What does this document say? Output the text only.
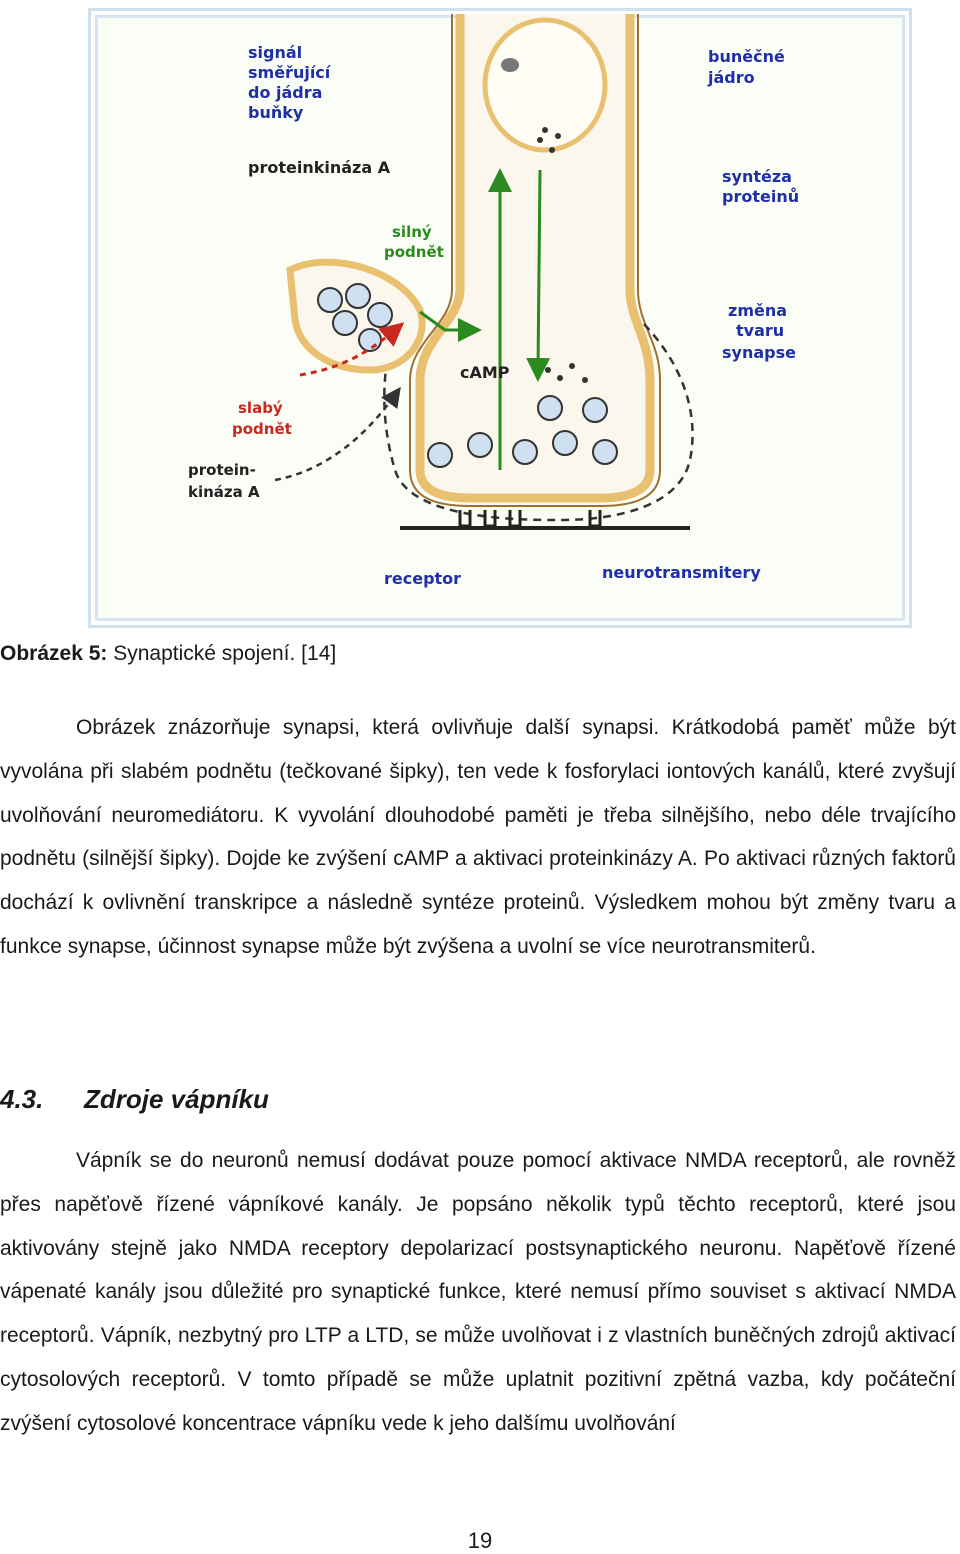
signál
směřující
do jádra
buňky
buněčné
jádro
proteinkináza A	syntéza
proteinů
silný
podnět
změna
tvaru
synapse
cAMP
slabý
podnět
protein-
kináza A
receptor	neurotransmitery
Obrázek 5: Synaptické spojení. [14]
Obrázek znázorňuje synapsi, která ovlivňuje další synapsi. Krátkodobá paměť může být vyvolána při slabém podnětu (tečkované šipky), ten vede k fosforylaci iontových kanálů, které zvyšují uvolňování neuromediátoru. K vyvolání dlouhodobé paměti je třeba silnějšího, nebo déle trvajícího podnětu (silnější šipky). Dojde ke zvýšení cAMP a aktivaci proteinkinázy A. Po aktivaci různých faktorů dochází k ovlivnění transkripce a následně syntéze proteinů. Výsledkem mohou být změny tvaru a funkce synapse, účinnost synapse může být zvýšena a uvolní se více neurotransmiterů.
4.3. Zdroje vápníku
Vápník se do neuronů nemusí dodávat pouze pomocí aktivace NMDA receptorů, ale rovněž přes napěťově řízené vápníkové kanály. Je popsáno několik typů těchto receptorů, které jsou aktivovány stejně jako NMDA receptory depolarizací postsynaptického neuronu. Napěťově řízené vápenaté kanály jsou důležité pro synaptické funkce, které nemusí přímo souviset s aktivací NMDA receptorů. Vápník, nezbytný pro LTP a LTD, se může uvolňovat i z vlastních buněčných zdrojů aktivací cytosolových receptorů. V tomto případě se může uplatnit pozitivní zpětná vazba, kdy počáteční zvýšení cytosolové koncentrace vápníku vede k jeho dalšímu uvolňování
19
